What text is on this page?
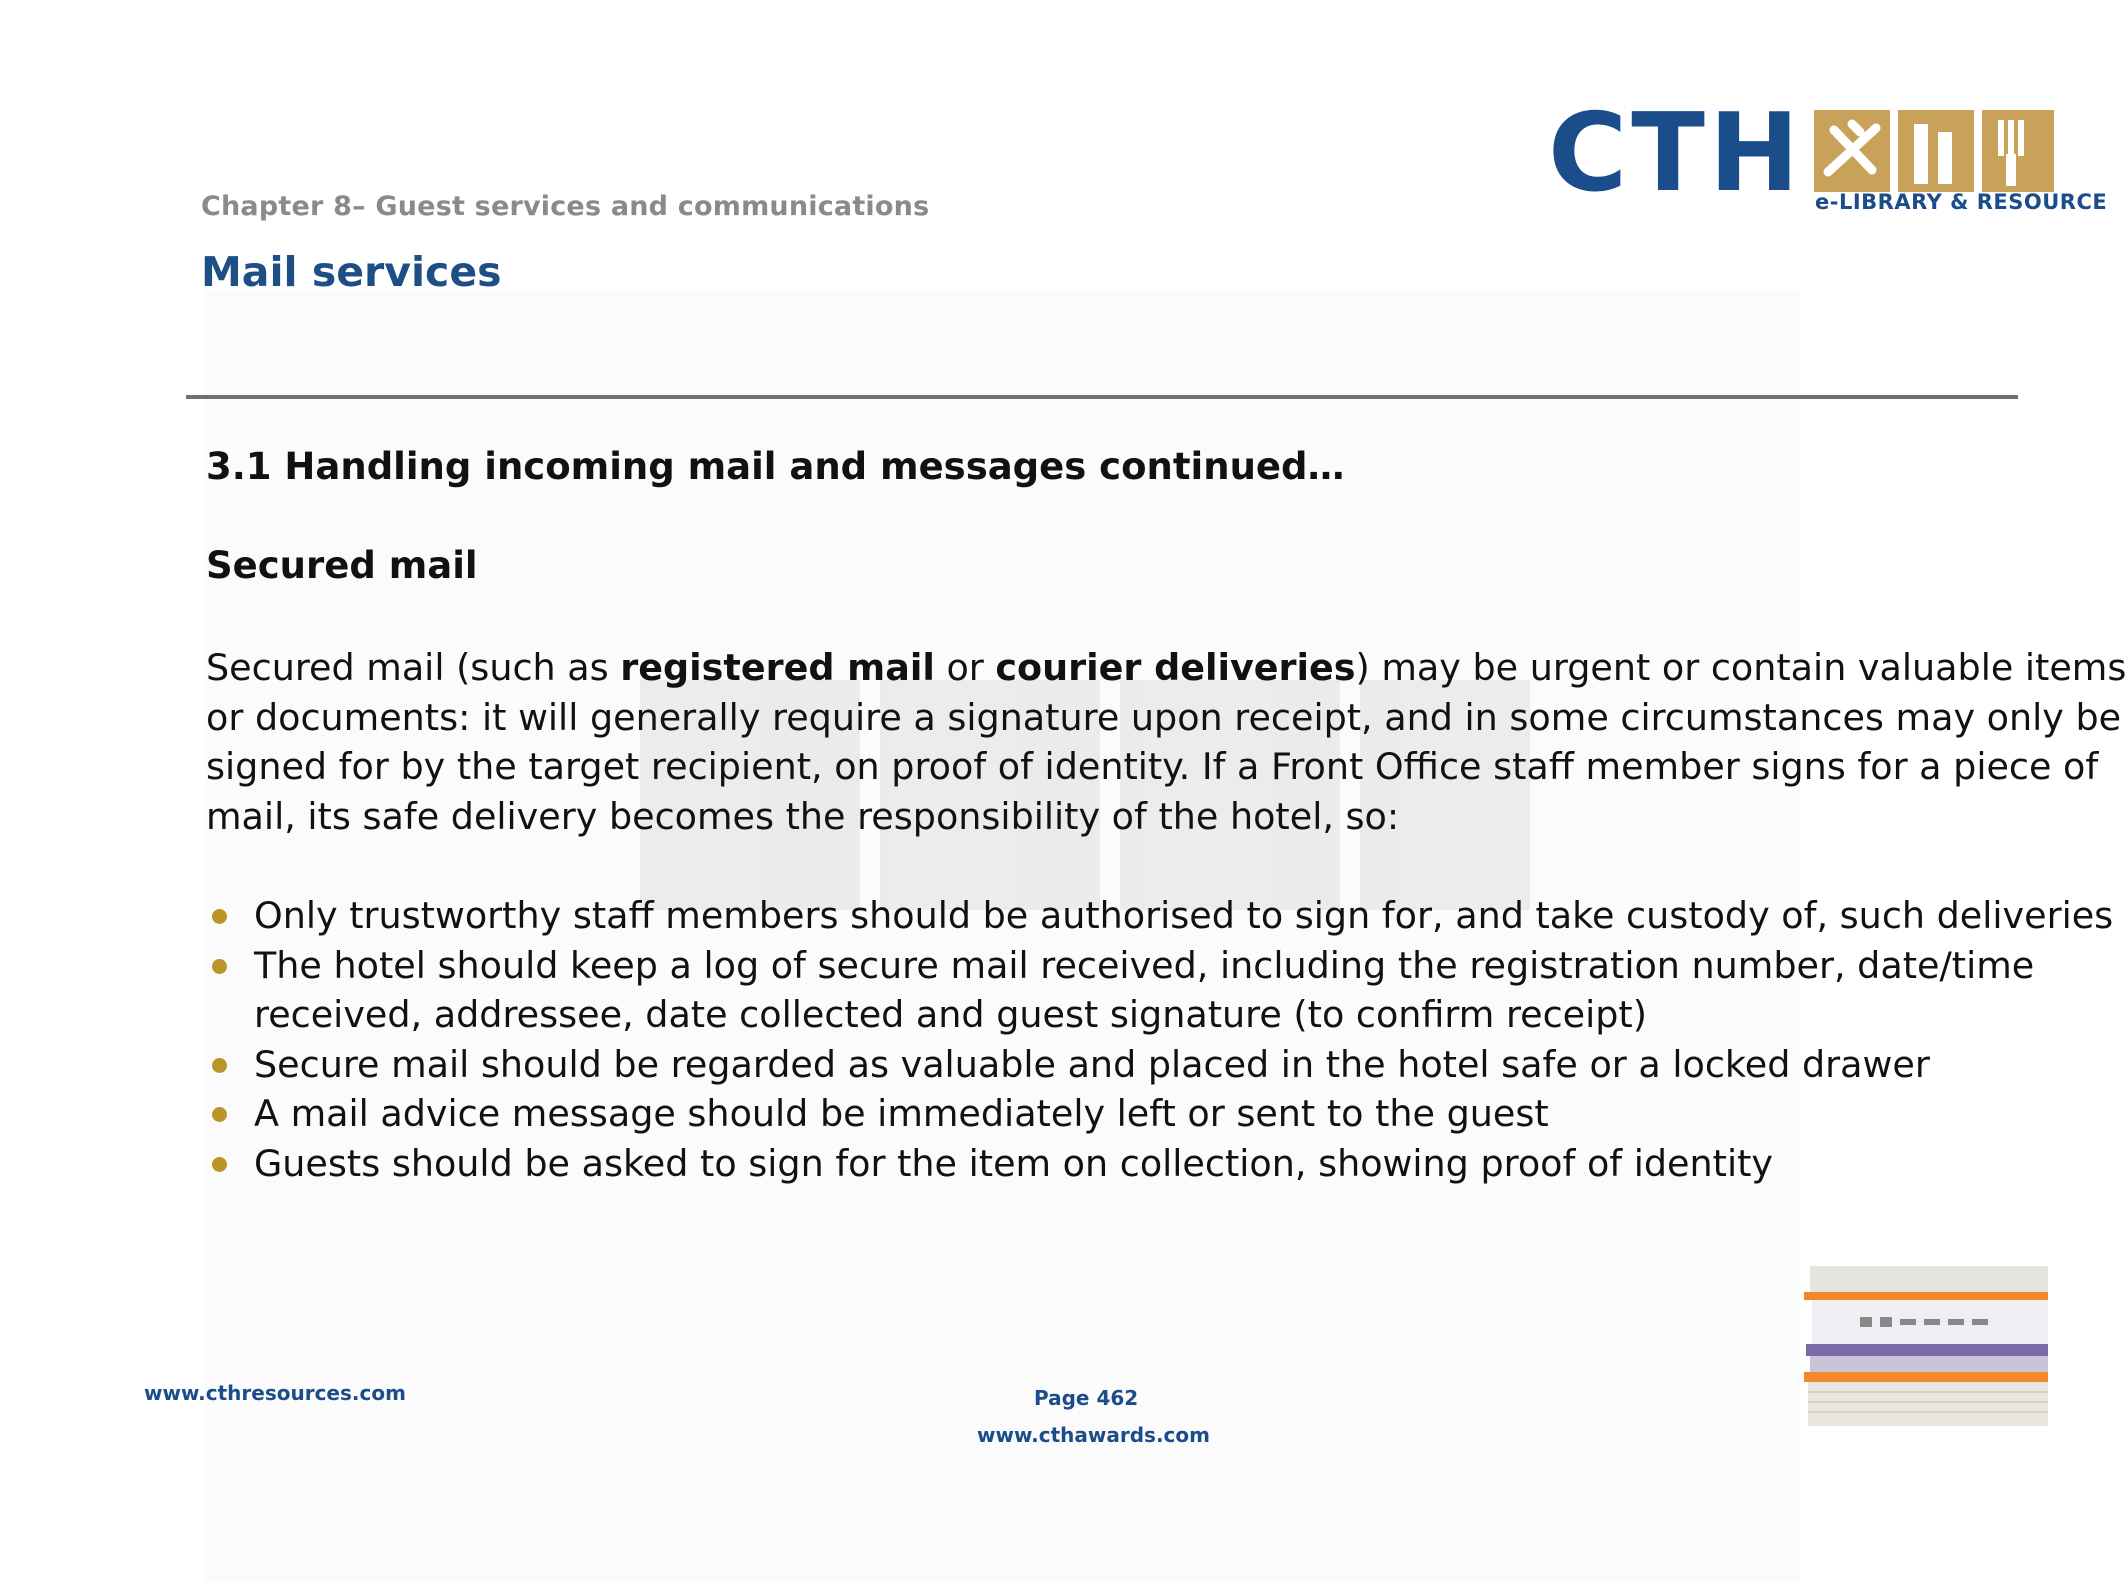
CTH e-LIBRARY & RESOURCE
Chapter 8– Guest services and communications
Mail services
3.1 Handling incoming mail and messages continued…
Secured mail
Secured mail (such as registered mail or courier deliveries) may be urgent or contain valuable items
or documents: it will generally require a signature upon receipt, and in some circumstances may only be
signed for by the target recipient, on proof of identity. If a Front Office staff member signs for a piece of
mail, its safe delivery becomes the responsibility of the hotel, so:
Only trustworthy staff members should be authorised to sign for, and take custody of, such deliveries
The hotel should keep a log of secure mail received, including the registration number, date/time
received, addressee, date collected and guest signature (to confirm receipt)
Secure mail should be regarded as valuable and placed in the hotel safe or a locked drawer
A mail advice message should be immediately left or sent to the guest
Guests should be asked to sign for the item on collection, showing proof of identity
www.cthresources.com	Page 462
www.cthawards.com
